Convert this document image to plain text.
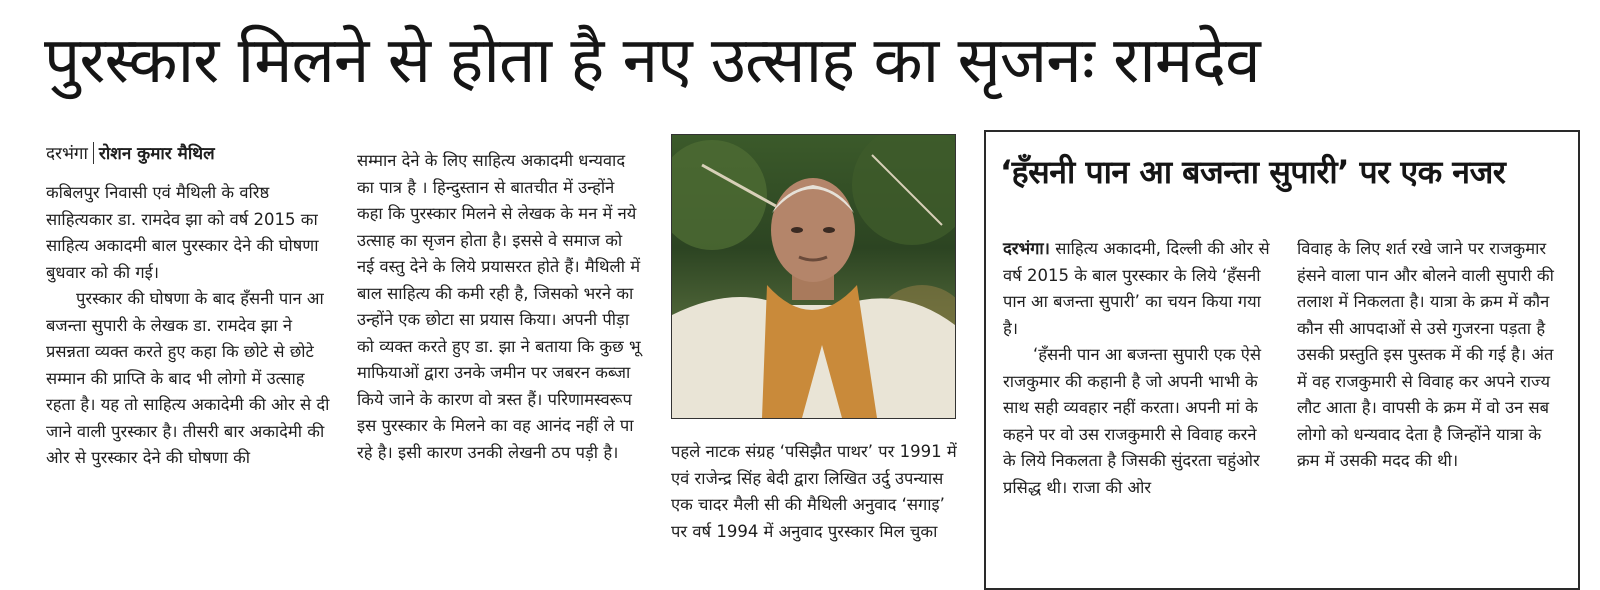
पुरस्कार मिलने से होता है नए उत्साह का सृजनः रामदेव
दरभंगा रोशन कुमार मैथिल

कबिलपुर निवासी एवं मैथिली के वरिष्ठ साहित्यकार डा. रामदेव झा को वर्ष 2015 का साहित्य अकादमी बाल पुरस्कार देने की घोषणा बुधवार को की गई।

पुरस्कार की घोषणा के बाद हँसनी पान आ बजन्ता सुपारी के लेखक डा. रामदेव झा ने प्रसन्नता व्यक्त करते हुए कहा कि छोटे से छोटे सम्मान की प्राप्ति के बाद भी लोगो में उत्साह रहता है। यह तो साहित्य अकादेमी की ओर से दी जाने वाली पुरस्कार है। तीसरी बार अकादेमी की ओर से पुरस्कार देने की घोषणा की

सम्मान देने के लिए साहित्य अकादमी धन्यवाद का पात्र है । हिन्दुस्तान से बातचीत में उन्होंने कहा कि पुरस्कार मिलने से लेखक के मन में नये उत्साह का सृजन होता है। इससे वे समाज को नई वस्तु देने के लिये प्रयासरत होते हैं। मैथिली में बाल साहित्य की कमी रही है, जिसको भरने का उन्होंने एक छोटा सा प्रयास किया। अपनी पीड़ा को व्यक्त करते हुए डा. झा ने बताया कि कुछ भू माफियाओं द्वारा उनके जमीन पर जबरन कब्जा किये जाने के कारण वो त्रस्त हैं। परिणामस्वरूप इस पुरस्कार के मिलने का वह आनंद नहीं ले पा रहे है। इसी कारण उनकी लेखनी ठप पड़ी है।	पहले नाटक संग्रह ‘पसिझैत पाथर’ पर 1991 में एवं राजेन्द्र सिंह बेदी द्वारा लिखित उर्दु उपन्यास एक चादर मैली सी की मैथिली अनुवाद ‘सगाइ’ पर वर्ष 1994 में अनुवाद पुरस्कार मिल चुका

‘हँसनी पान आ बजन्ता सुपारी’ पर एक नजर

दरभंगा। साहित्य अकादमी, दिल्ली की ओर से वर्ष 2015 के बाल पुरस्कार के लिये ‘हँसनी पान आ बजन्ता सुपारी’ का चयन किया गया है।

‘हँसनी पान आ बजन्ता सुपारी एक ऐसे राजकुमार की कहानी है जो अपनी भाभी के साथ सही व्यवहार नहीं करता। अपनी मां के कहने पर वो उस राजकुमारी से विवाह करने के लिये निकलता है जिसकी सुंदरता चहुंओर प्रसिद्ध थी। राजा की ओर

विवाह के लिए शर्त रखे जाने पर राजकुमार हंसने वाला पान और बोलने वाली सुपारी की तलाश में निकलता है। यात्रा के क्रम में कौन कौन सी आपदाओं से उसे गुजरना पड़ता है उसकी प्रस्तुति इस पुस्तक में की गई है। अंत में वह राजकुमारी से विवाह कर अपने राज्य लौट आता है। वापसी के क्रम में वो उन सब लोगो को धन्यवाद देता है जिन्होंने यात्रा के क्रम में उसकी मदद की थी।
